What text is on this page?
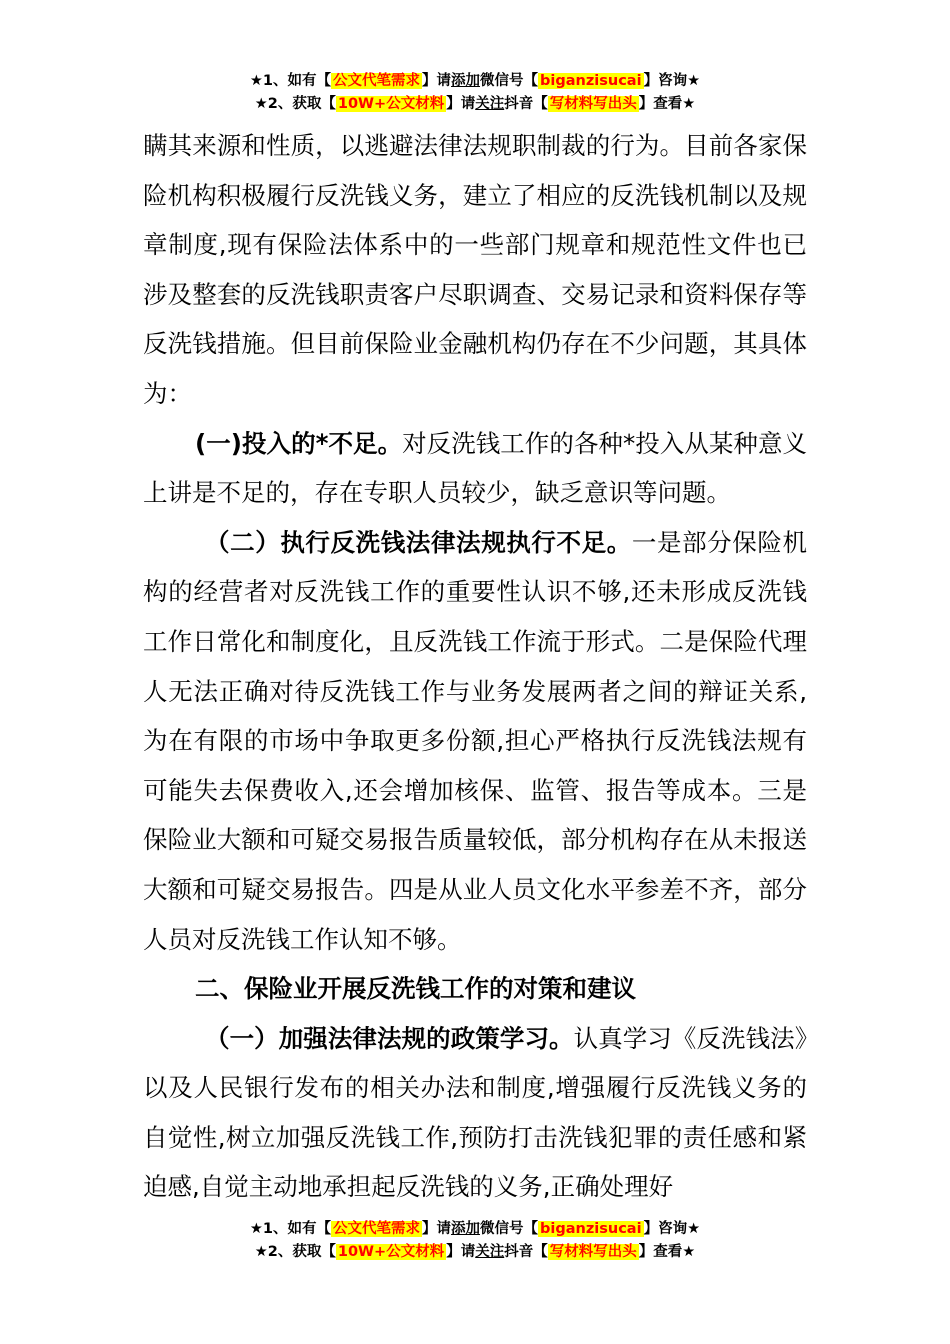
★1、如有【 公文代笔需求 】请添加微信号【 biganzisucai 】咨询★
★2、获取【 10W+公文材料 】请关注抖音【 写材料写出头 】查看★

瞒其来源和性质，以逃避法律法规职制裁的行为。目前各家保险机构积极履行反洗钱义务，建立了相应的反洗钱机制以及规章制度,现有保险法体系中的一些部门规章和规范性文件也已涉及整套的反洗钱职责客户尽职调查、交易记录和资料保存等反洗钱措施。但目前保险业金融机构仍存在不少问题，其具体为：

(一)投入的*不足。对反洗钱工作的各种*投入从某种意义上讲是不足的，存在专职人员较少，缺乏意识等问题。

（二）执行反洗钱法律法规执行不足。一是部分保险机构的经营者对反洗钱工作的重要性认识不够,还未形成反洗钱工作日常化和制度化，且反洗钱工作流于形式。二是保险代理人无法正确对待反洗钱工作与业务发展两者之间的辩证关系,为在有限的市场中争取更多份额,担心严格执行反洗钱法规有可能失去保费收入,还会增加核保、监管、报告等成本。三是保险业大额和可疑交易报告质量较低，部分机构存在从未报送大额和可疑交易报告。四是从业人员文化水平参差不齐，部分人员对反洗钱工作认知不够。

二、保险业开展反洗钱工作的对策和建议

（一）加强法律法规的政策学习。认真学习《反洗钱法》以及人民银行发布的相关办法和制度,增强履行反洗钱义务的自觉性,树立加强反洗钱工作,预防打击洗钱犯罪的责任感和紧迫感,自觉主动地承担起反洗钱的义务,正确处理好

★1、如有【 公文代笔需求 】请添加微信号【 biganzisucai 】咨询★
★2、获取【 10W+公文材料 】请关注抖音【 写材料写出头 】查看★
